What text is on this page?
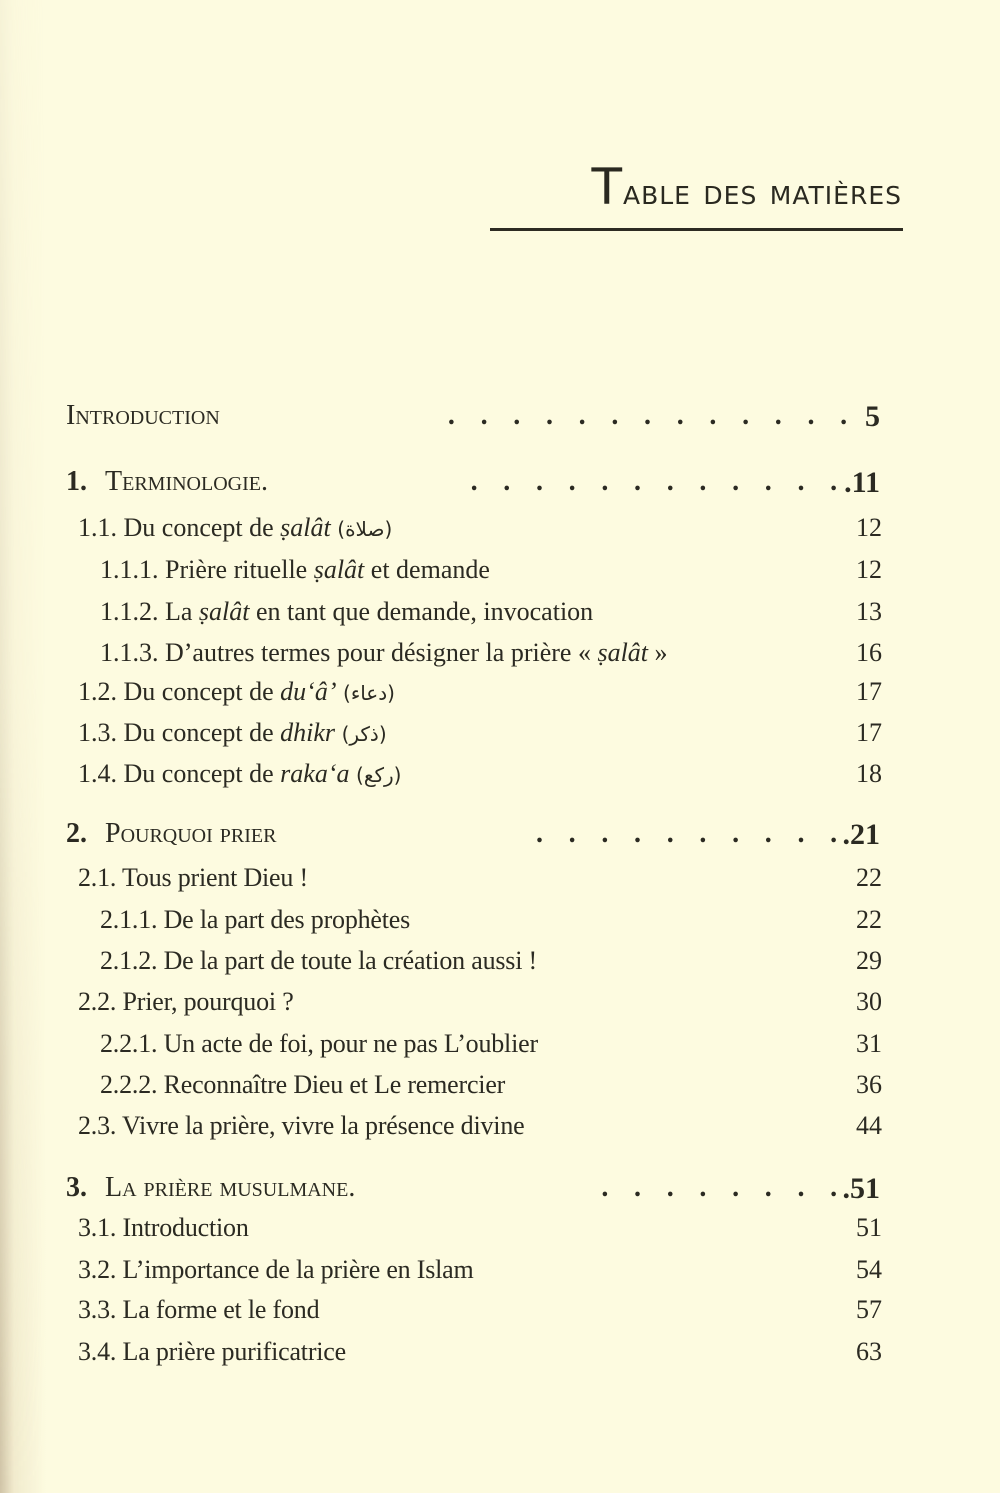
Table des matières
Introduction	. . . . . . . . . . . . . 5
1. Terminologie.	. . . . . . . . . . . . .11
1.1. Du concept de ṣalât (صلاة)	12
1.1.1. Prière rituelle ṣalât et demande	12
1.1.2. La ṣalât en tant que demande, invocation	13
1.1.3. D’autres termes pour désigner la prière « ṣalât »	16
1.2. Du concept de du‘â’ (دعاء)	17
1.3. Du concept de dhikr (ذكر)	17
1.4. Du concept de raka‘a (ركع)	18
2. Pourquoi prier	. . . . . . . . . . .21
2.1. Tous prient Dieu !	22
2.1.1. De la part des prophètes	22
2.1.2. De la part de toute la création aussi !	29
2.2. Prier, pourquoi ?	30
2.2.1. Un acte de foi, pour ne pas L’oublier	31
2.2.2. Reconnaître Dieu et Le remercier	36
2.3. Vivre la prière, vivre la présence divine	44
3. La prière musulmane.	. . . . . . . . .51
3.1. Introduction	51
3.2. L’importance de la prière en Islam	54
3.3. La forme et le fond	57
3.4. La prière purificatrice	63
